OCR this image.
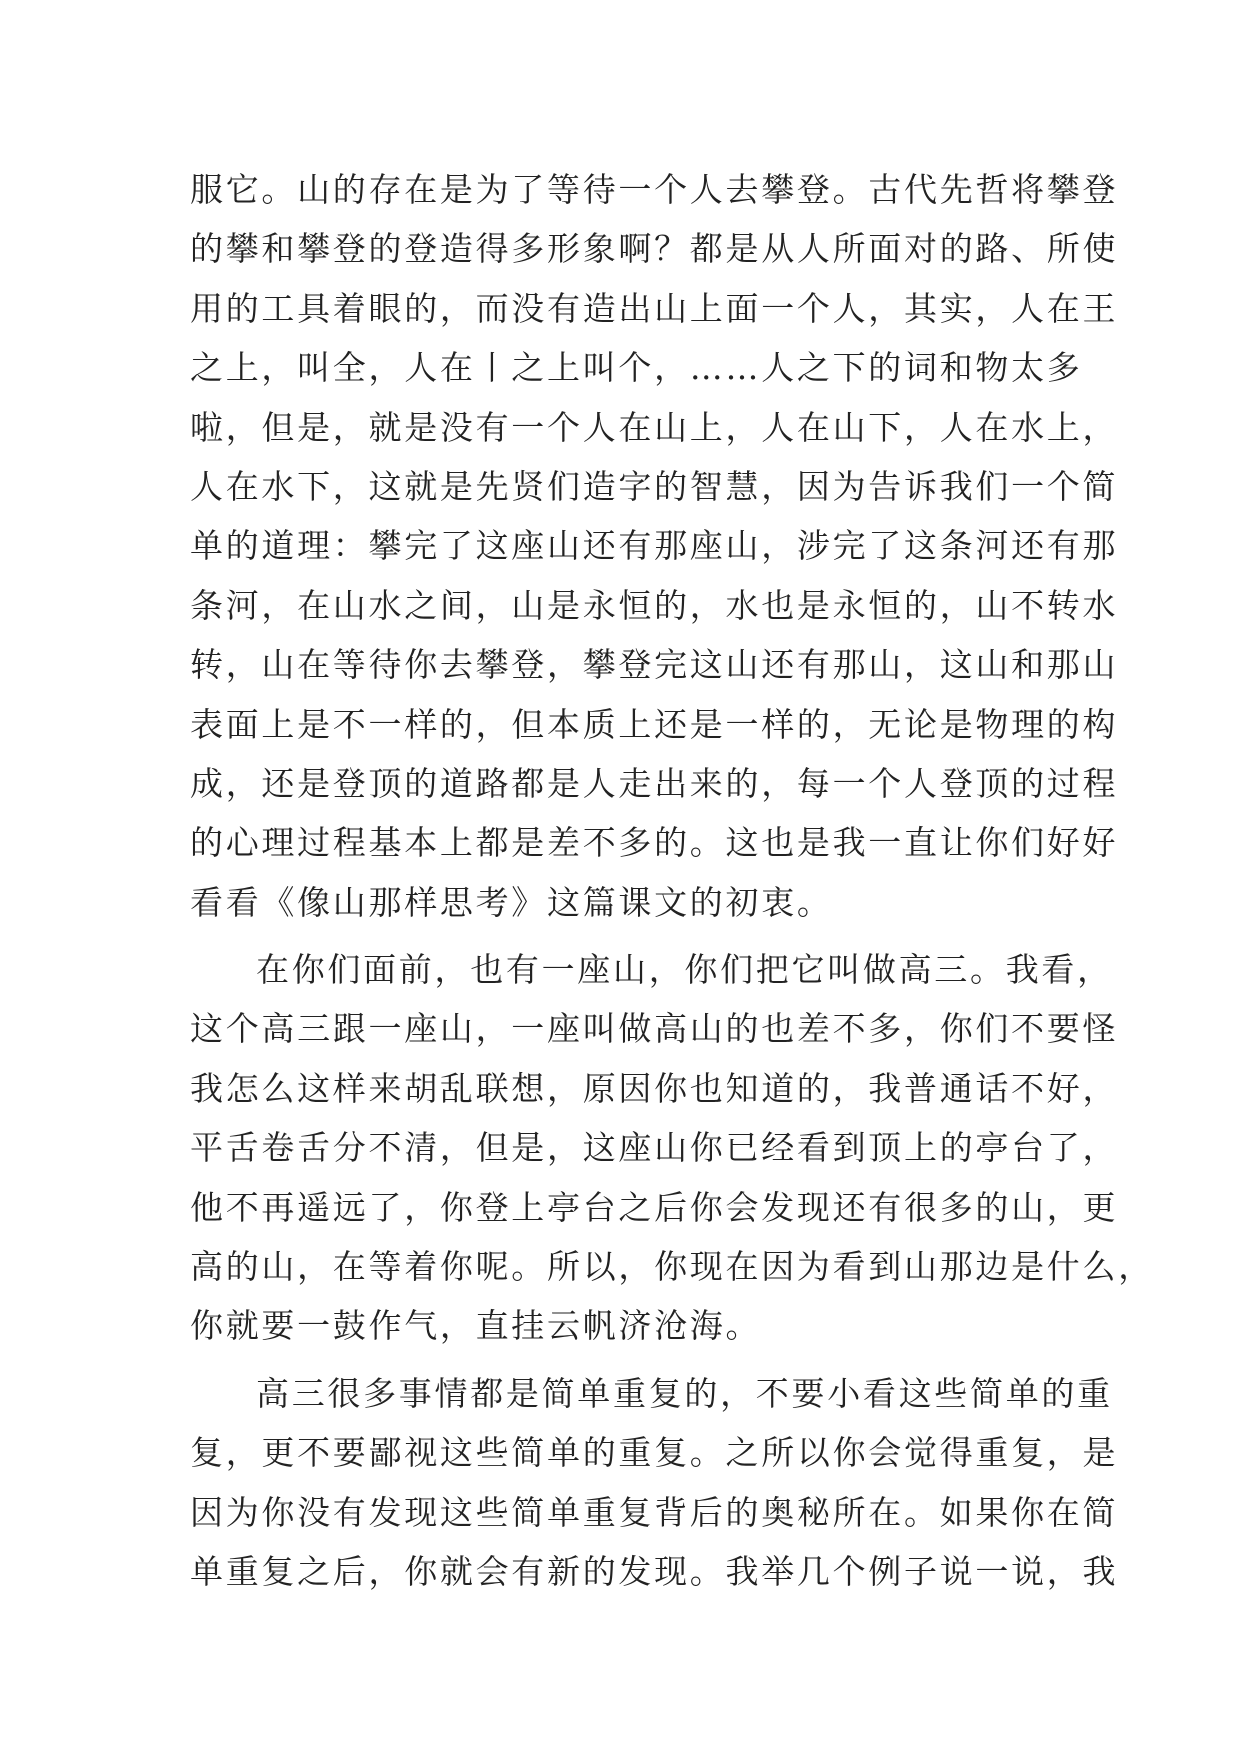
服它。山的存在是为了等待一个人去攀登。古代先哲将攀登
的攀和攀登的登造得多形象啊？都是从人所面对的路、所使
用的工具着眼的，而没有造出山上面一个人，其实，人在王
之上，叫全，人在丨之上叫个，……人之下的词和物太多
啦，但是，就是没有一个人在山上，人在山下，人在水上，
人在水下，这就是先贤们造字的智慧，因为告诉我们一个简
单的道理：攀完了这座山还有那座山，涉完了这条河还有那
条河，在山水之间，山是永恒的，水也是永恒的，山不转水
转，山在等待你去攀登，攀登完这山还有那山，这山和那山
表面上是不一样的，但本质上还是一样的，无论是物理的构
成，还是登顶的道路都是人走出来的，每一个人登顶的过程
的心理过程基本上都是差不多的。这也是我一直让你们好好
看看《像山那样思考》这篇课文的初衷。
在你们面前，也有一座山，你们把它叫做高三。我看，
这个高三跟一座山，一座叫做高山的也差不多，你们不要怪
我怎么这样来胡乱联想，原因你也知道的，我普通话不好，
平舌卷舌分不清，但是，这座山你已经看到顶上的亭台了，
他不再遥远了，你登上亭台之后你会发现还有很多的山，更
高的山，在等着你呢。所以，你现在因为看到山那边是什么，
你就要一鼓作气，直挂云帆济沧海。
高三很多事情都是简单重复的，不要小看这些简单的重
复，更不要鄙视这些简单的重复。之所以你会觉得重复，是
因为你没有发现这些简单重复背后的奥秘所在。如果你在简
单重复之后，你就会有新的发现。我举几个例子说一说，我
